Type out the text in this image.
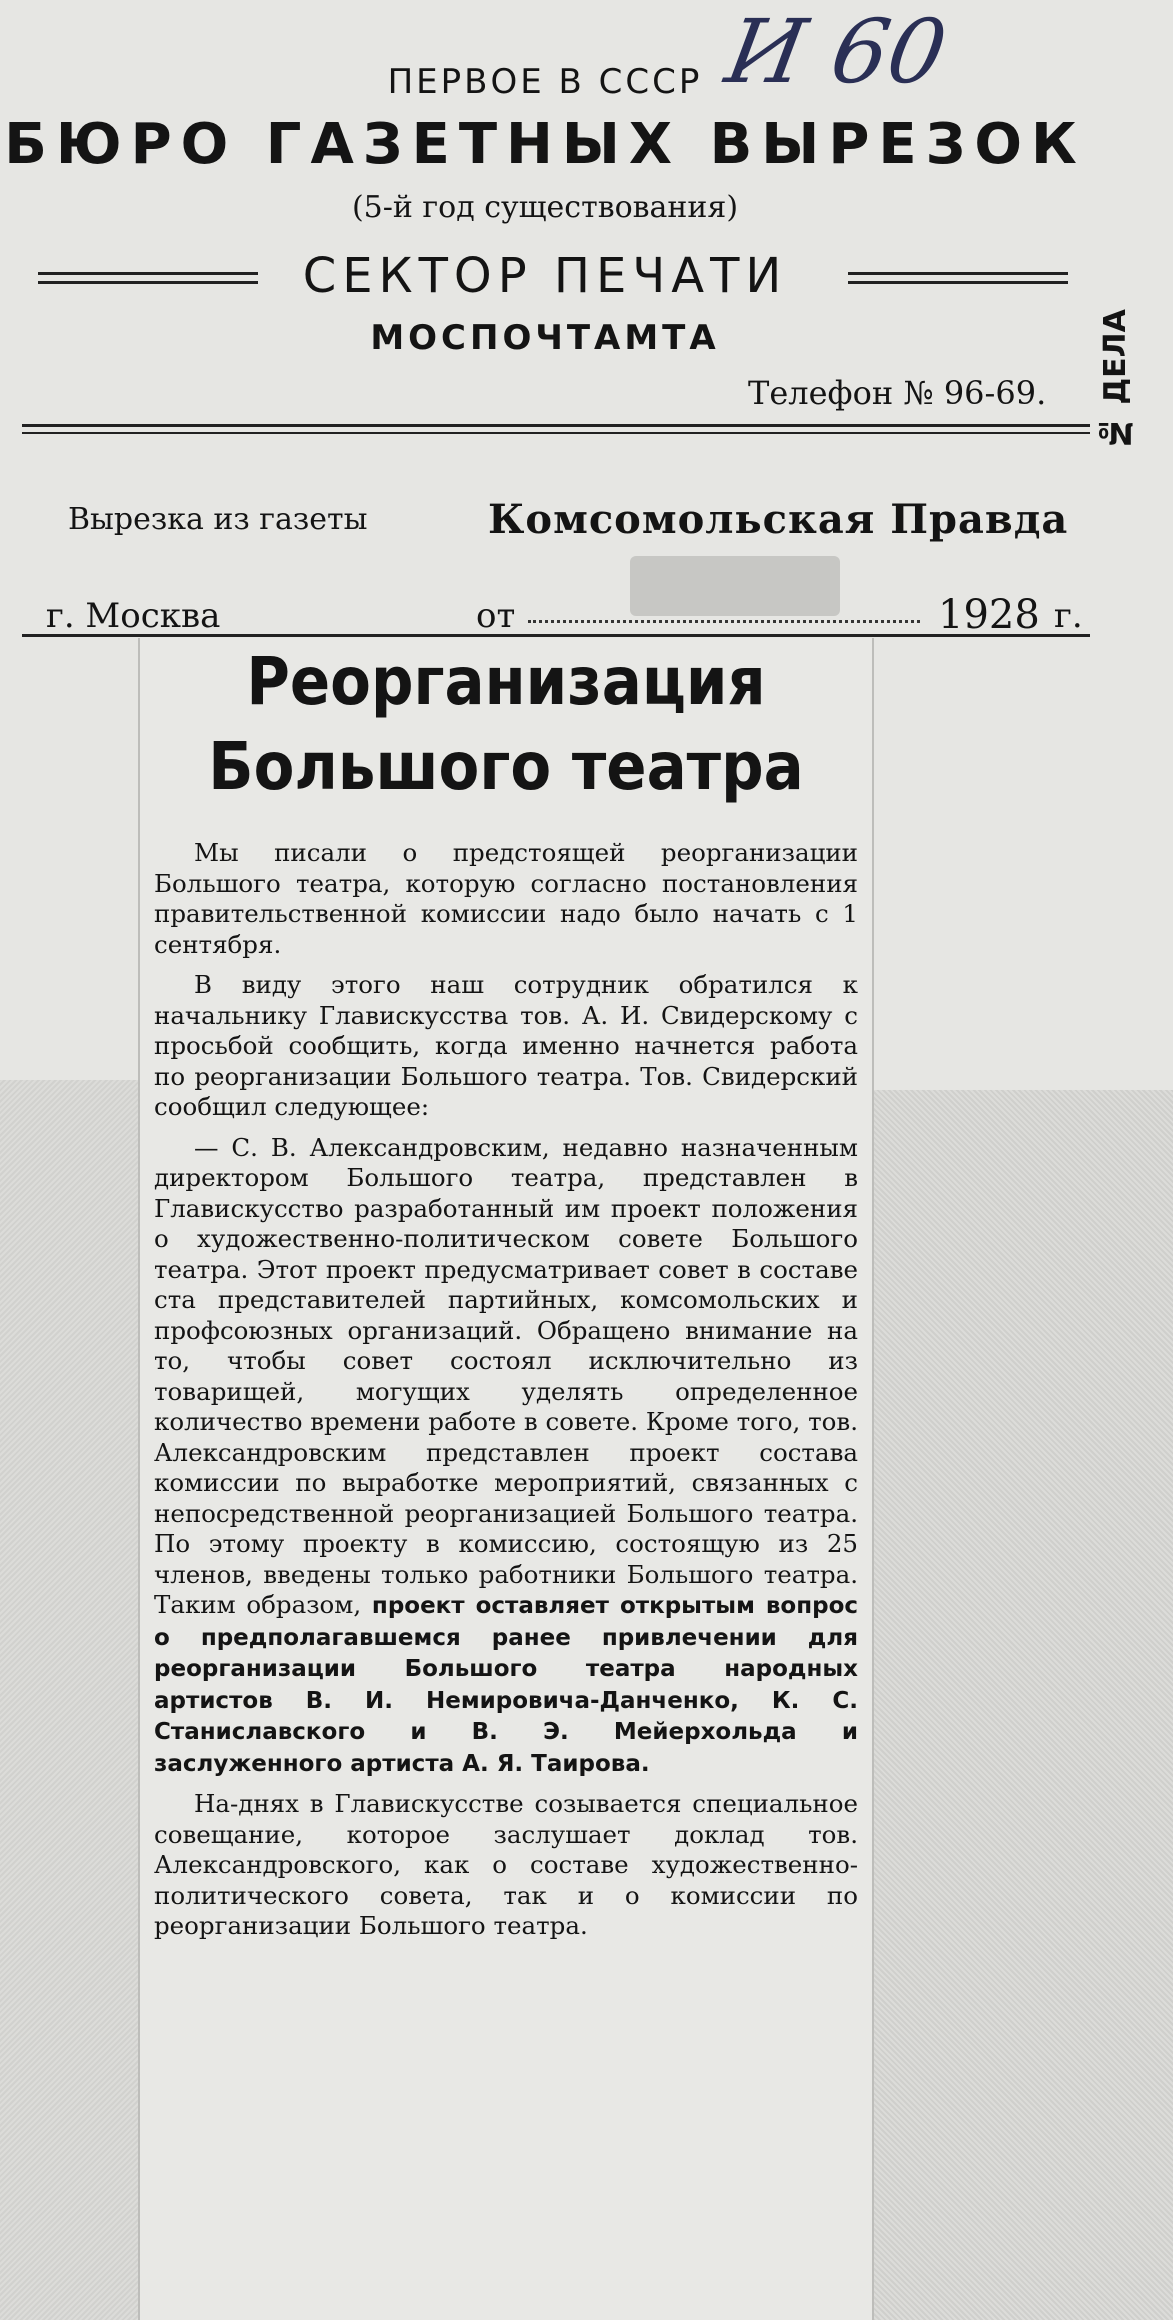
ПЕРВОЕ В СССР И 60
БЮРО ГАЗЕТНЫХ ВЫРЕЗОК
(5-й год существования)
СЕКТОР ПЕЧАТИ
МОСПОЧТАМТА
Телефон № 96-69. № ДЕЛА
Вырезка из газеты	Комсомольская Правда
г. Москва	от	1928 г.
Реорганизация
Большого театра

Мы писали о предстоящей реорганизации Большого театра, которую согласно постановления правительственной комиссии надо было начать с 1 сентября.

В виду этого наш сотрудник обратился к начальнику Главискусства тов. А. И. Свидерскому с просьбой сообщить, когда именно начнется работа по реорганизации Большого театра. Тов. Свидерский сообщил следующее:

— С. В. Александровским, недавно назначенным директором Большого театра, представлен в Главискусство разработанный им проект положения о художественно-политическом совете Большого театра. Этот проект предусматривает совет в составе ста представителей партийных, комсомольских и профсоюзных организаций. Обращено внимание на то, чтобы совет состоял исключительно из товарищей, могущих уделять определенное количество времени работе в совете. Кроме того, тов. Александровским представлен проект состава комиссии по выработке мероприятий, связанных с непосредственной реорганизацией Большого театра. По этому проекту в комиссию, состоящую из 25 членов, введены только работники Большого театра. Таким образом, проект оставляет открытым вопрос о предполагавшемся ранее привлечении для реорганизации Большого театра народных артистов В. И. Немировича-Данченко, К. С. Станиславского и В. Э. Мейерхольда и заслуженного артиста А. Я. Таирова.

На-днях в Главискусстве созывается специальное совещание, которое заслушает доклад тов. Александровского, как о составе художественно-политического совета, так и о комиссии по реорганизации Большого театра.
